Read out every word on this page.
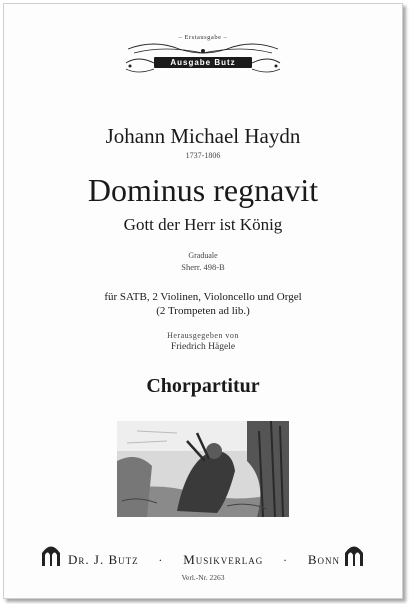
– Erstausgabe –
Ausgabe Butz
Johann Michael Haydn
1737-1806
Dominus regnavit
Gott der Herr ist König
Graduale
Sherr. 498-B
für SATB, 2 Violinen, Violoncello und Orgel
(2 Trompeten ad lib.)
Herausgegeben von
Friedrich Hägele
Chorpartitur
Dr. J. Butz · Musikverlag · Bonn
Verl.-Nr. 2263
